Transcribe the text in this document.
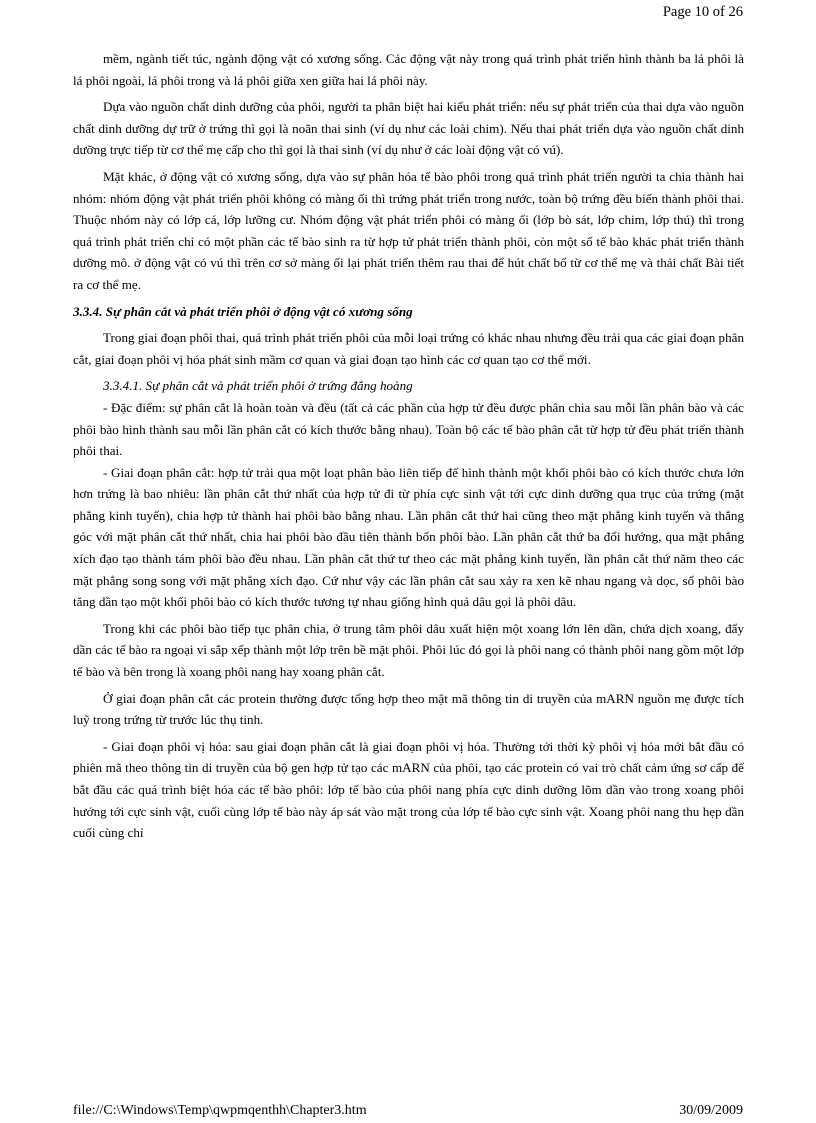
Page 10 of 26

mềm, ngành tiết túc, ngành động vật có xương sống. Các động vật này trong quá trình phát triển hình thành ba lá phôi là lá phôi ngoài, lá phôi trong và lá phôi giữa xen giữa hai lá phôi này.

Dựa vào nguồn chất dinh dưỡng của phôi, người ta phân biệt hai kiểu phát triển: nếu sự phát triển của thai dựa vào nguồn chất dinh dưỡng dự trữ ở trứng thì gọi là noãn thai sinh (ví dụ như các loài chim). Nếu thai phát triển dựa vào nguồn chất dinh dưỡng trực tiếp từ cơ thể mẹ cấp cho thì gọi là thai sinh (ví dụ như ở các loài động vật có vú).

Mặt khác, ở động vật có xương sống, dựa vào sự phân hóa tế bào phôi trong quá trình phát triển người ta chia thành hai nhóm: nhóm động vật phát triển phôi không có màng ối thì trứng phát triển trong nước, toàn bộ trứng đều biến thành phôi thai. Thuộc nhóm này có lớp cá, lớp lưỡng cư. Nhóm động vật phát triển phôi có màng ối (lớp bò sát, lớp chim, lớp thú) thì trong quá trình phát triển chỉ có một phần các tế bào sinh ra từ hợp tử phát triển thành phôi, còn một số tế bào khác phát triển thành dưỡng mô. ở động vật có vú thì trên cơ sở màng ối lại phát triển thêm rau thai để hút chất bổ từ cơ thể mẹ và thải chất Bài tiết ra cơ thể mẹ.

3.3.4. Sự phân cắt và phát triển phôi ở động vật có xương sống

Trong giai đoạn phôi thai, quá trình phát triển phôi của mỗi loại trứng có khác nhau nhưng đều trải qua các giai đoạn phân cắt, giai đoạn phôi vị hóa phát sinh mầm cơ quan và giai đoạn tạo hình các cơ quan tạo cơ thể mới.

3.3.4.1. Sự phân cắt và phát triển phôi ở trứng đẳng hoàng

- Đặc điểm: sự phân cắt là hoàn toàn và đều (tất cả các phần của hợp tử đều được phân chia sau mỗi lần phân bào và các phôi bào hình thành sau mỗi lần phân cắt có kích thước bằng nhau). Toàn bộ các tế bào phân cắt từ hợp tử đều phát triển thành phôi thai.

- Giai đoạn phân cắt: hợp tử trải qua một loạt phân bào liên tiếp để hình thành một khối phôi bào có kích thước chưa lớn hơn trứng là bao nhiêu: lần phân cắt thứ nhất của hợp tử đi từ phía cực sinh vật tới cực dinh dưỡng qua trục của trứng (mặt phẳng kinh tuyến), chia hợp tử thành hai phôi bào bằng nhau. Lần phân cắt thứ hai cũng theo mặt phẳng kinh tuyến và thẳng góc với mặt phân cắt thứ nhất, chia hai phôi bào đầu tiên thành bốn phôi bào. Lần phân cắt thứ ba đổi hướng, qua mặt phẳng xích đạo tạo thành tám phôi bào đều nhau. Lần phân cắt thứ tư theo các mặt phẳng kinh tuyến, lần phân cắt thứ năm theo các mặt phẳng song song với mặt phẳng xích đạo. Cứ như vậy các lần phân cắt sau xảy ra xen kẽ nhau ngang và dọc, số phôi bào tăng dần tạo một khối phôi bào có kích thước tương tự nhau giống hình quả dâu gọi là phôi dâu.

Trong khi các phôi bào tiếp tục phân chia, ở trung tâm phôi dâu xuất hiện một xoang lớn lên dần, chứa dịch xoang, đẩy dần các tế bào ra ngoại vi sắp xếp thành một lớp trên bề mặt phôi. Phôi lúc đó gọi là phôi nang có thành phôi nang gồm một lớp tế bào và bên trong là xoang phôi nang hay xoang phân cắt.

Ở giai đoạn phân cắt các protein thường được tổng hợp theo mật mã thông tin di truyền của mARN nguồn mẹ được tích luỹ trong trứng từ trước lúc thụ tinh.

- Giai đoạn phôi vị hóa: sau giai đoạn phân cắt là giai đoạn phôi vị hóa. Thường tới thời kỳ phôi vị hóa mới bắt đầu có phiên mã theo thông tin di truyền của bộ gen hợp tử tạo các mARN của phôi, tạo các protein có vai trò chất cảm ứng sơ cấp để bắt đầu các quá trình biệt hóa các tế bào phôi: lớp tế bào của phôi nang phía cực dinh dưỡng lõm dần vào trong xoang phôi hướng tới cực sinh vật, cuối cùng lớp tế bào này áp sát vào mặt trong của lớp tế bào cực sinh vật. Xoang phôi nang thu hẹp dần cuối cùng chỉ

file://C:\Windows\Temp\qwpmqenthh\Chapter3.htm	30/09/2009
